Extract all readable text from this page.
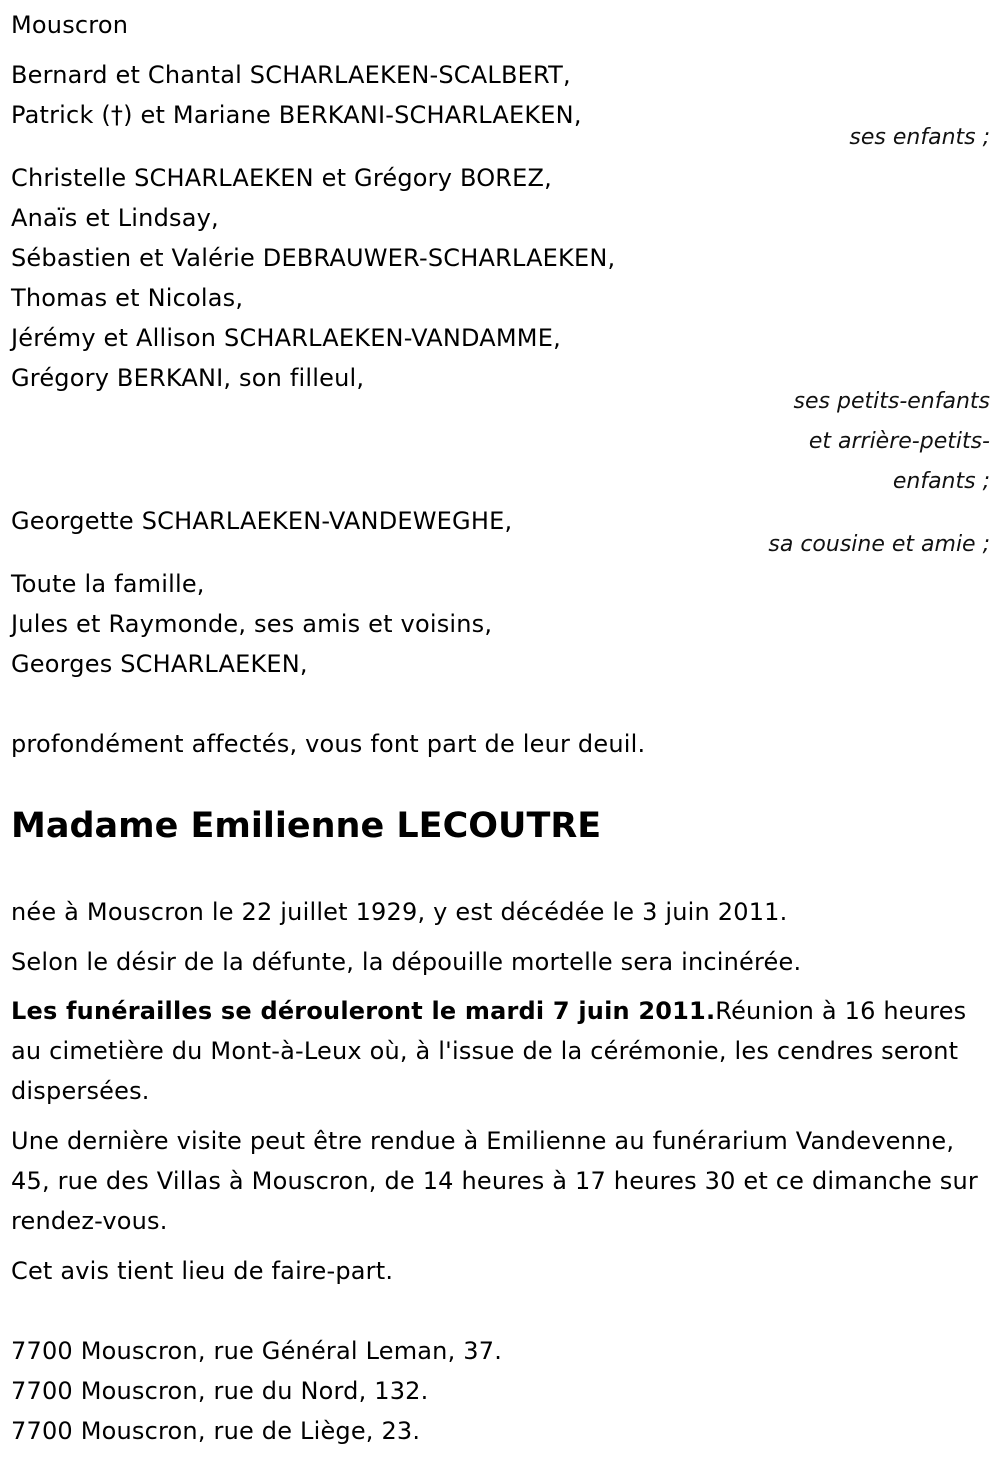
Mouscron
Bernard et Chantal SCHARLAEKEN-SCALBERT,
Patrick (†) et Mariane BERKANI-SCHARLAEKEN,
ses enfants ;
Christelle SCHARLAEKEN et Grégory BOREZ,
Anaïs et Lindsay,
Sébastien et Valérie DEBRAUWER-SCHARLAEKEN,
Thomas et Nicolas,
Jérémy et Allison SCHARLAEKEN-VANDAMME,
Grégory BERKANI, son filleul,
ses petits-enfants
et arrière-petits-
enfants ;
Georgette SCHARLAEKEN-VANDEWEGHE,
sa cousine et amie ;
Toute la famille,
Jules et Raymonde, ses amis et voisins,
Georges SCHARLAEKEN,
profondément affectés, vous font part de leur deuil.
Madame Emilienne LECOUTRE
née à Mouscron le 22 juillet 1929, y est décédée le 3 juin 2011.
Selon le désir de la défunte, la dépouille mortelle sera incinérée.
Les funérailles se dérouleront le mardi 7 juin 2011.Réunion à 16 heures au cimetière du Mont-à-Leux où, à l'issue de la cérémonie, les cendres seront dispersées.
Une dernière visite peut être rendue à Emilienne au funérarium Vandevenne, 45, rue des Villas à Mouscron, de 14 heures à 17 heures 30 et ce dimanche sur rendez-vous.
Cet avis tient lieu de faire-part.
7700 Mouscron, rue Général Leman, 37.
7700 Mouscron, rue du Nord, 132.
7700 Mouscron, rue de Liège, 23.
